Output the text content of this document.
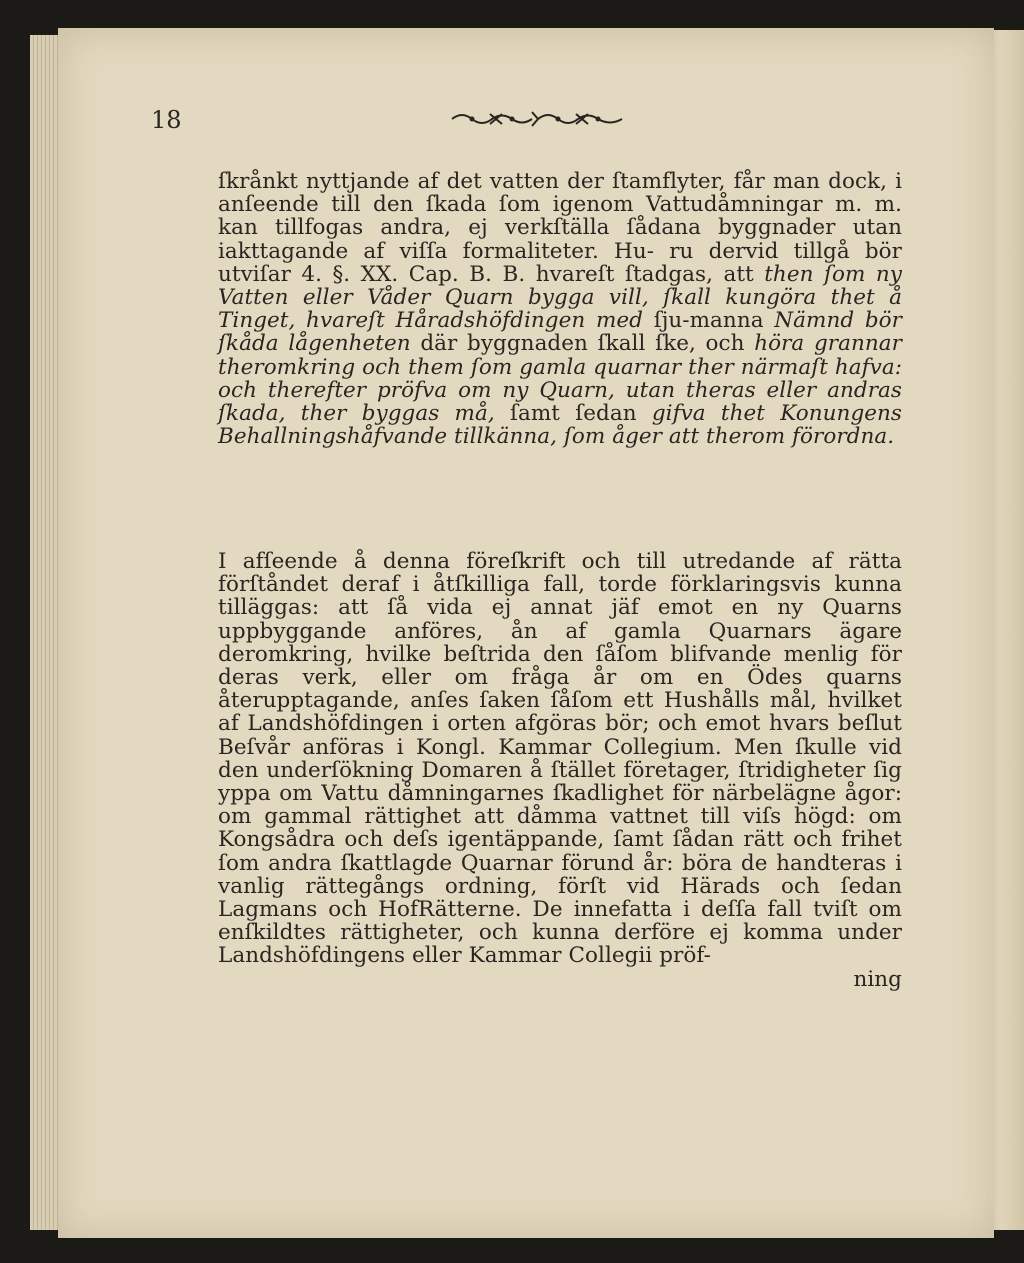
18

ſkrånkt nyttjande af det vatten der ſtamflyter, får man dock, i anſeende till den ſkada ſom igenom Vattudåmningar m. m. kan tillfogas andra, ej verkſtälla ſådana byggnader utan iakttagande af viſſa formaliteter. Hu- ru dervid tillgå bör utviſar 4. §. XX. Cap. B. B. hvareſt ſtadgas, att then ſom ny Vatten eller Våder Quarn bygga vill, ſkall kungöra thet å Tinget, hvareſt Håradshöfdingen med ſju-manna Nämnd bör ſkåda lågenheten där byggnaden ſkall ſke, och höra grannar theromkring och them ſom gamla quarnar ther närmaſt hafva: och therefter pröfva om ny Quarn, utan theras eller andras ſkada, ther byggas må, ſamt ſedan gifva thet Konungens Behallningshåfvande tillkänna, ſom åger att therom förordna.

I afſeende å denna föreſkrift och till utredande af rätta förſtåndet deraf i åtſkilliga fall, torde förklaringsvis kunna tilläggas: att ſå vida ej annat jäf emot en ny Quarns uppbyggande anföres, ån af gamla Quarnars ägare deromkring, hvilke beſtrida den ſåſom blifvande menlig för deras verk, eller om fråga år om en Ödes quarns återupptagande, anſes ſaken ſåſom ett Hushålls mål, hvilket af Landshöfdingen i orten afgöras bör; och emot hvars beſlut Beſvår anföras i Kongl. Kammar Collegium. Men ſkulle vid den underſökning Domaren å ſtället företager, ſtridigheter ſig yppa om Vattu dåmningarnes ſkadlighet för närbelägne ågor: om gammal rättighet att dåmma vattnet till viſs högd: om Kongsådra och deſs igentäppande, ſamt ſådan rätt och frihet ſom andra ſkattlagde Quarnar förund år: böra de handteras i vanlig rättegångs ordning, förſt vid Härads och ſedan Lagmans och HofRätterne. De innefatta i deſſa fall tviſt om enſkildtes rättigheter, och kunna derföre ej komma under Landshöfdingens eller Kammar Collegii pröf-
ning
